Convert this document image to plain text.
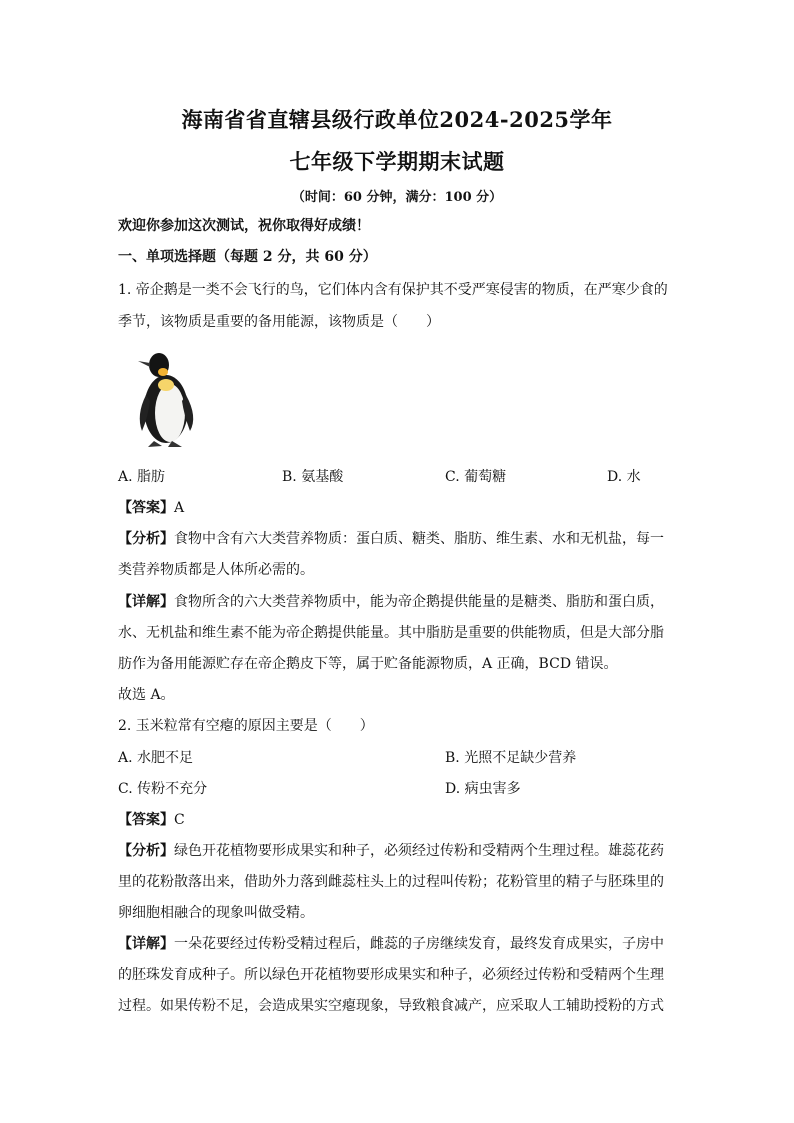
海南省省直辖县级行政单位2024-2025学年
七年级下学期期末试题
（时间：60 分钟，满分：100 分）
欢迎你参加这次测试，祝你取得好成绩！
一、单项选择题（每题 2 分，共 60 分）
1. 帝企鹅是一类不会飞行的鸟，它们体内含有保护其不受严寒侵害的物质，在严寒少食的
季节，该物质是重要的备用能源，该物质是（　　）
A. 脂肪	B. 氨基酸	C. 葡萄糖	D. 水
【答案】A
【分析】食物中含有六大类营养物质：蛋白质、糖类、脂肪、维生素、水和无机盐，每一
类营养物质都是人体所必需的。
【详解】食物所含的六大类营养物质中，能为帝企鹅提供能量的是糖类、脂肪和蛋白质，
水、无机盐和维生素不能为帝企鹅提供能量。其中脂肪是重要的供能物质，但是大部分脂
肪作为备用能源贮存在帝企鹅皮下等，属于贮备能源物质，A 正确，BCD 错误。
故选 A。
2. 玉米粒常有空瘪的原因主要是（　　）
A. 水肥不足	B. 光照不足缺少营养
C. 传粉不充分	D. 病虫害多
【答案】C
【分析】绿色开花植物要形成果实和种子，必须经过传粉和受精两个生理过程。雄蕊花药
里的花粉散落出来，借助外力落到雌蕊柱头上的过程叫传粉；花粉管里的精子与胚珠里的
卵细胞相融合的现象叫做受精。
【详解】一朵花要经过传粉受精过程后，雌蕊的子房继续发育，最终发育成果实，子房中
的胚珠发育成种子。所以绿色开花植物要形成果实和种子，必须经过传粉和受精两个生理
过程。如果传粉不足，会造成果实空瘪现象，导致粮食减产，应采取人工辅助授粉的方式
